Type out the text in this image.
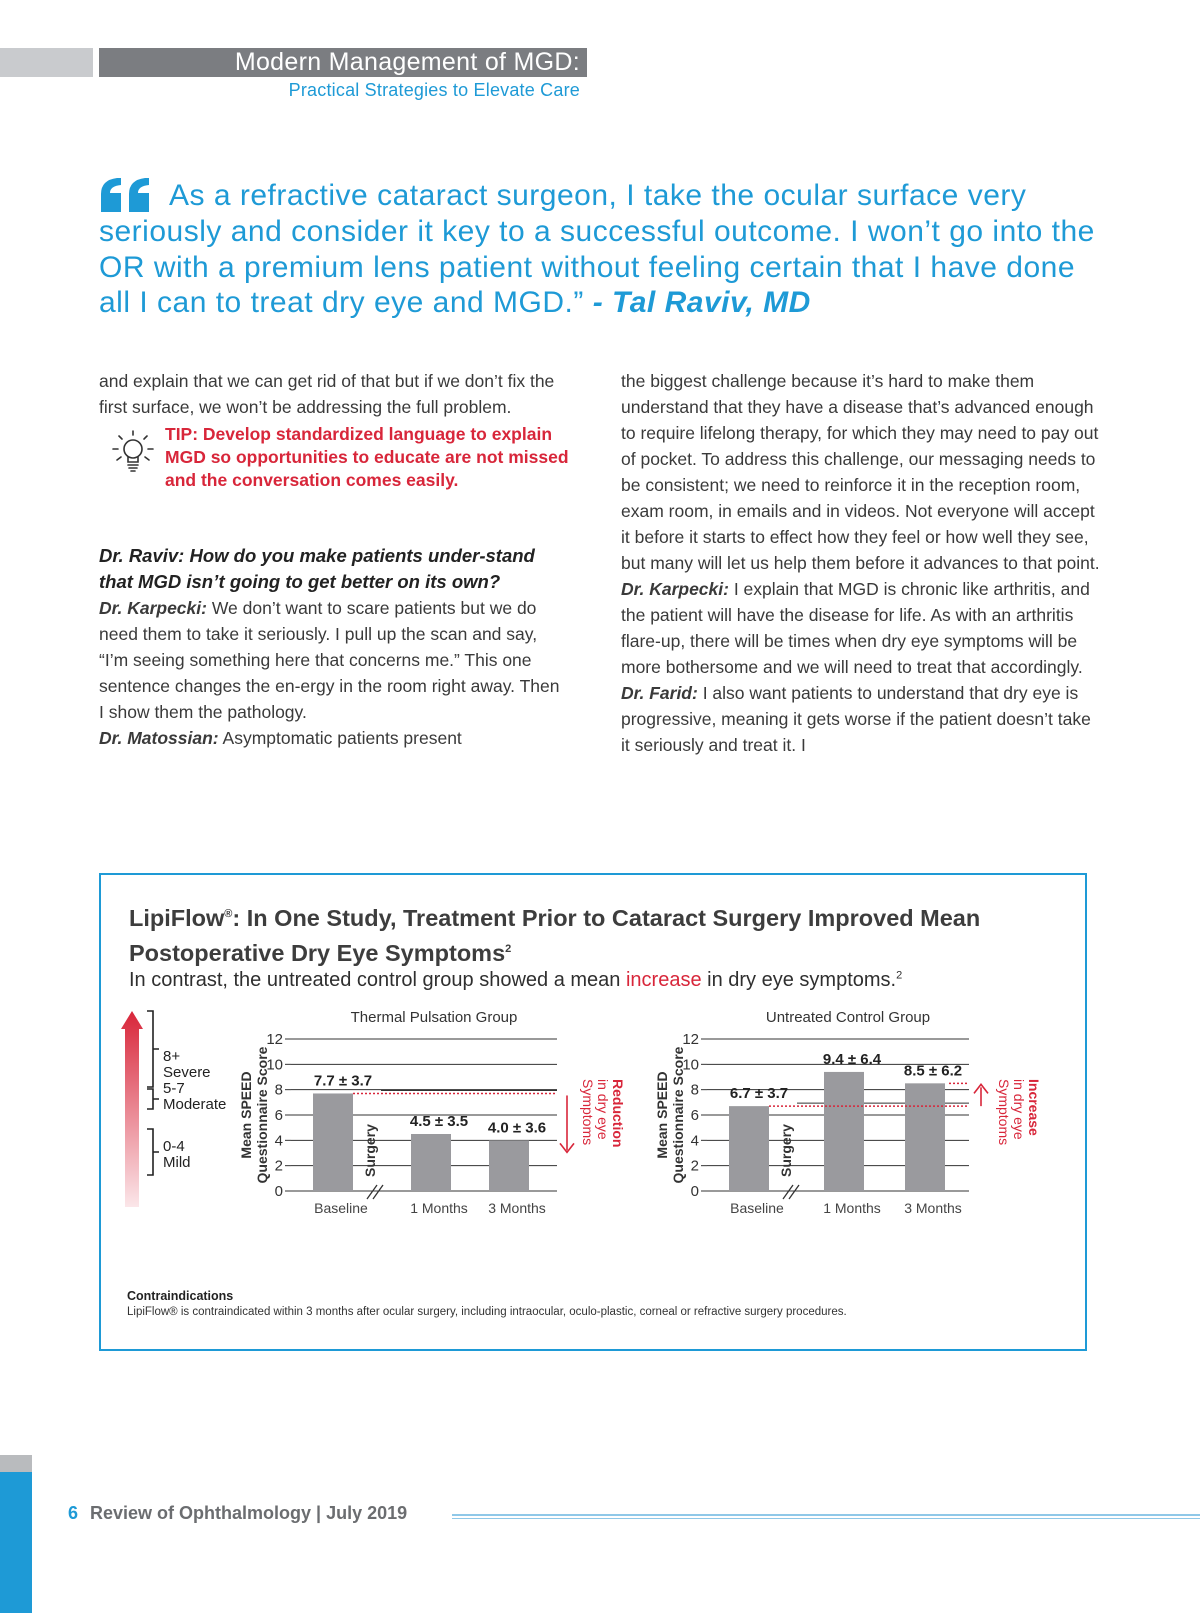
Modern Management of MGD:
Practical Strategies to Elevate Care
As a refractive cataract surgeon, I take the ocular surface very seriously and consider it key to a successful outcome. I won’t go into the OR with a premium lens patient without feeling certain that I have done all I can to treat dry eye and MGD.” - Tal Raviv, MD

and explain that we can get rid of that but if we don’t fix the first surface, we won’t be addressing the full problem.

TIP: Develop standardized language to explain MGD so opportunities to educate are not missed and the conversation comes easily.

Dr. Raviv: How do you make patients under-stand that MGD isn’t going to get better on its own?

Dr. Karpecki: We don’t want to scare patients but we do need them to take it seriously. I pull up the scan and say, “I’m seeing something here that concerns me.” This one sentence changes the en-ergy in the room right away. Then I show them the pathology.

Dr. Matossian: Asymptomatic patients present

the biggest challenge because it’s hard to make them understand that they have a disease that’s advanced enough to require lifelong therapy, for which they may need to pay out of pocket. To address this challenge, our messaging needs to be consistent; we need to reinforce it in the reception room, exam room, in emails and in videos. Not everyone will accept it before it starts to effect how they feel or how well they see, but many will let us help them before it advances to that point.

Dr. Karpecki: I explain that MGD is chronic like arthritis, and the patient will have the disease for life. As with an arthritis flare-up, there will be times when dry eye symptoms will be more bothersome and we will need to treat that accordingly.

Dr. Farid: I also want patients to understand that dry eye is progressive, meaning it gets worse if the patient doesn’t take it seriously and treat it. I

LipiFlow®: In One Study, Treatment Prior to Cataract Surgery Improved Mean Postoperative Dry Eye Symptoms$^2$
In contrast, the untreated control group showed a mean increase in dry eye symptoms.$^2$
8+
Severe
5-7
Moderate
0-4
Mild
Thermal Pulsation Group
0
2
4
6
8
10
12
Mean SPEED Questionnaire Score
Baseline
7.7 ± 3.7
1 Months
4.5 ± 3.5
3 Months
4.0 ± 3.6
Surgery
Reduction
in dry eye
Symptoms
Untreated Control Group
0
2
4
6
8
10
12
Mean SPEED Questionnaire Score
Baseline
6.7 ± 3.7
1 Months
9.4 ± 6.4
3 Months
8.5 ± 6.2
Surgery
Increase
in dry eye
Symptoms
Contraindications
LipiFlow® is contraindicated within 3 months after ocular surgery, including intraocular, oculo-plastic, corneal or refractive surgery procedures.
6 Review of Ophthalmology | July 2019
